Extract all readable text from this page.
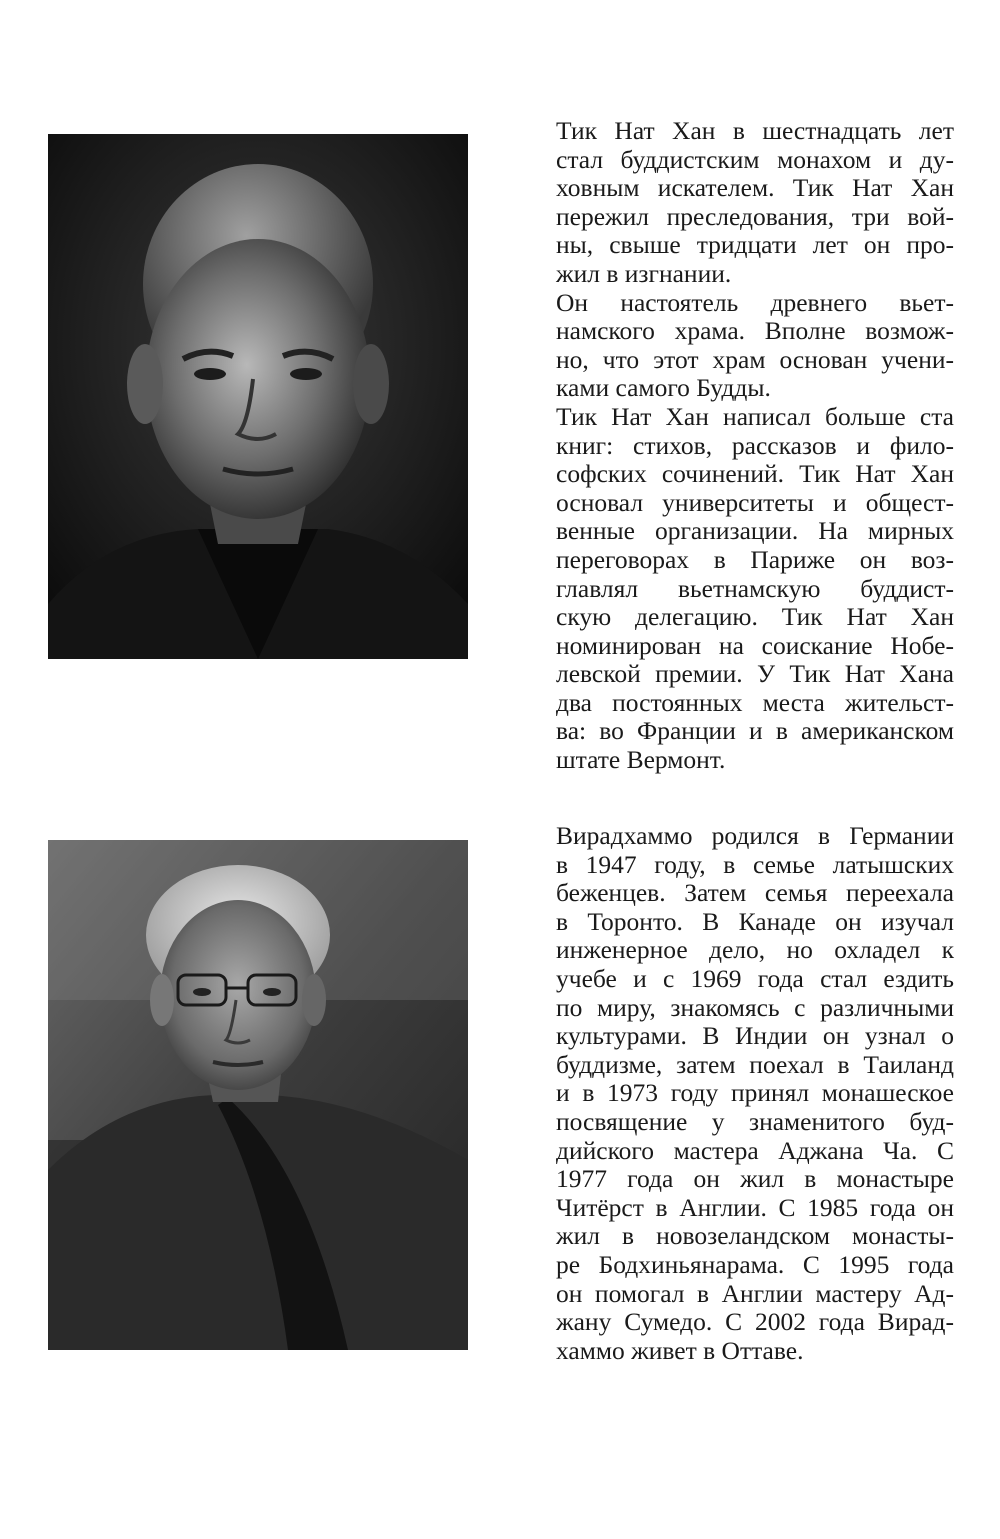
Тик Нат Хан в шестнадцать лет
стал буддистским монахом и ду-
ховным искателем. Тик Нат Хан
пережил преследования, три вой-
ны, свыше тридцати лет он про-
жил в изгнании.
Он настоятель древнего вьет-
намского храма. Вполне возмож-
но, что этот храм основан учени-
ками самого Будды.
Тик Нат Хан написал больше ста
книг: стихов, рассказов и фило-
софских сочинений. Тик Нат Хан
основал университеты и общест-
венные организации. На мирных
переговорах в Париже он воз-
главлял вьетнамскую буддист-
скую делегацию. Тик Нат Хан
номинирован на соискание Нобе-
левской премии. У Тик Нат Хана
два постоянных места жительст-
ва: во Франции и в американском
штате Вермонт.
Вирадхаммо родился в Германии
в 1947 году, в семье латышских
беженцев. Затем семья переехала
в Торонто. В Канаде он изучал
инженерное дело, но охладел к
учебе и с 1969 года стал ездить
по миру, знакомясь с различными
культурами. В Индии он узнал о
буддизме, затем поехал в Таиланд
и в 1973 году принял монашеское
посвящение у знаменитого буд-
дийского мастера Аджана Ча. С
1977 года он жил в монастыре
Читёрст в Англии. С 1985 года он
жил в новозеландском монасты-
ре Бодхиньянарама. С 1995 года
он помогал в Англии мастеру Ад-
жану Сумедо. С 2002 года Вирад-
хаммо живет в Оттаве.
